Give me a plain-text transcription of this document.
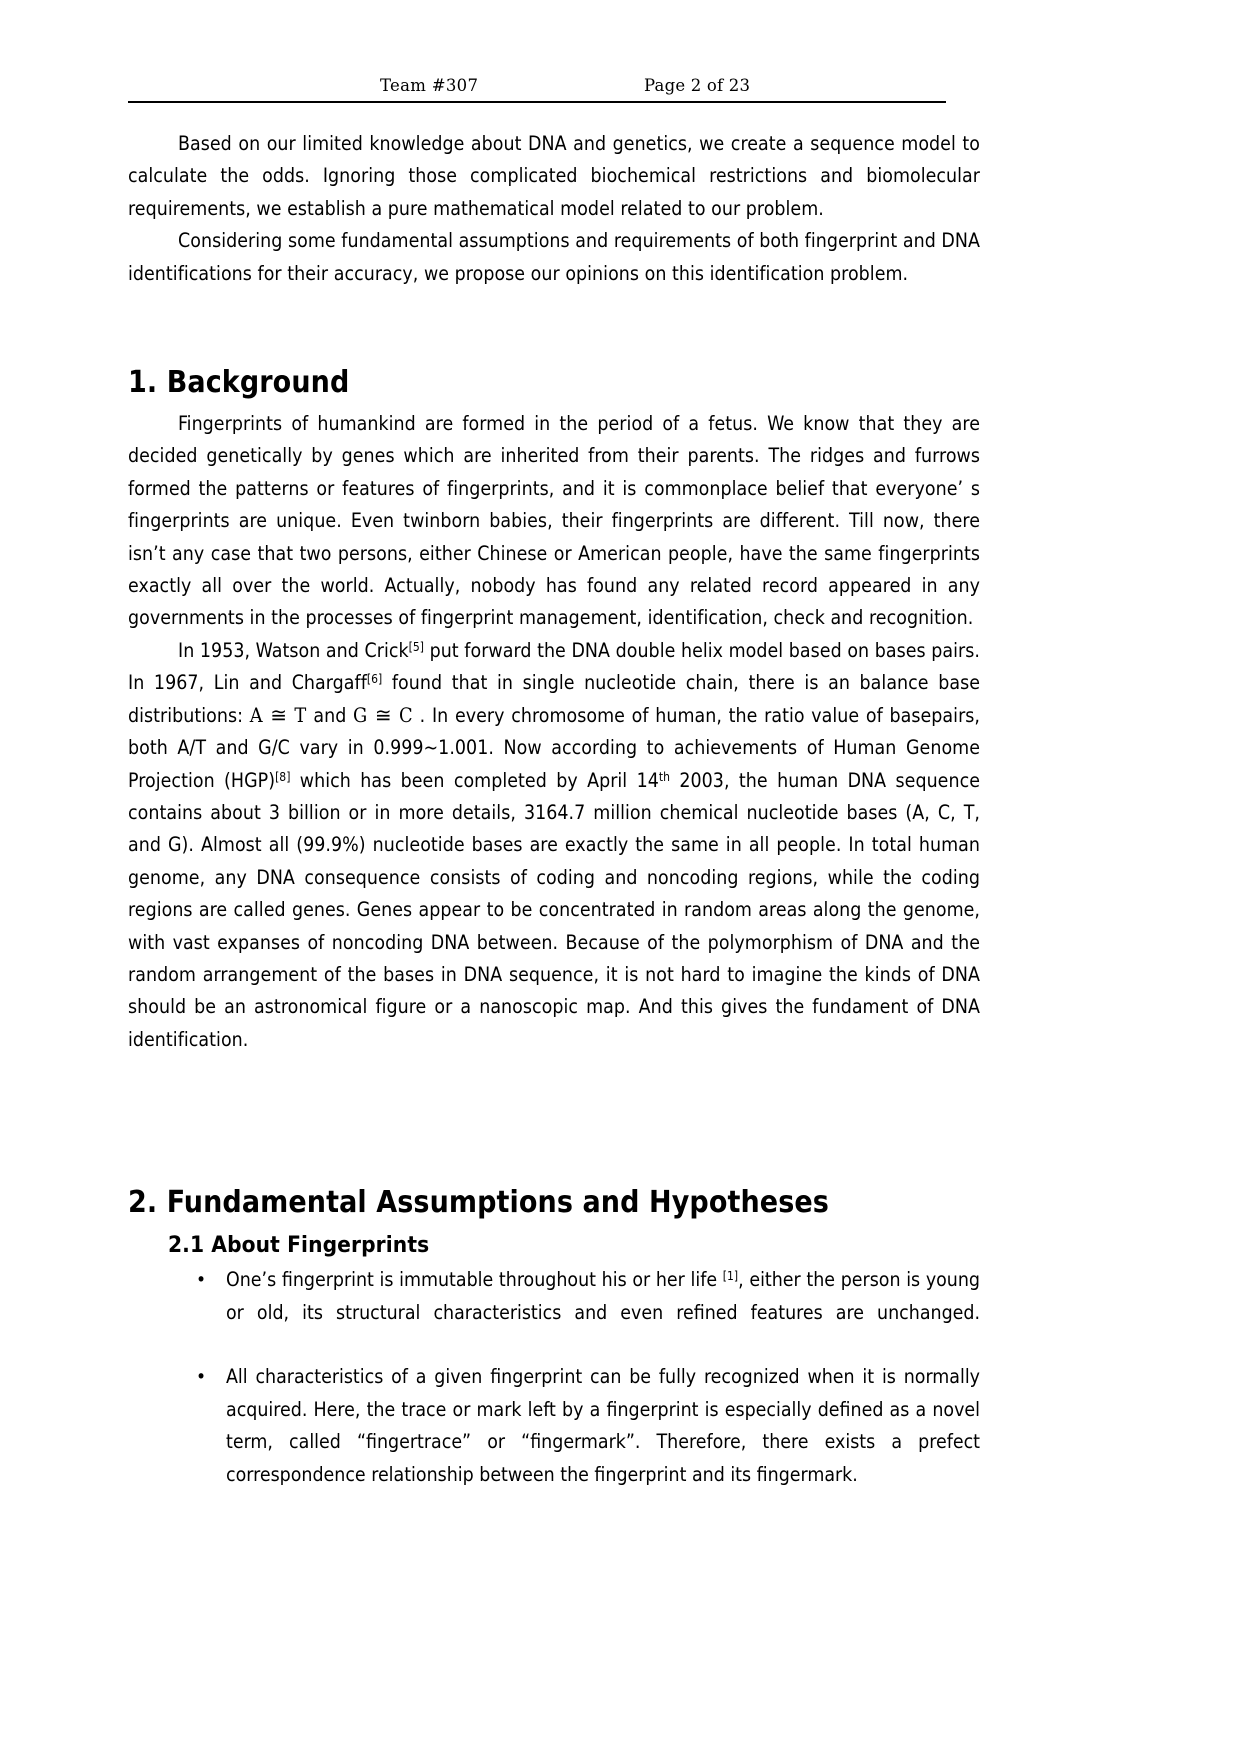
Team #307	Page 2 of 23

Based on our limited knowledge about DNA and genetics, we create a sequence model to calculate the odds. Ignoring those complicated biochemical restrictions and biomolecular requirements, we establish a pure mathematical model related to our problem.

Considering some fundamental assumptions and requirements of both fingerprint and DNA identifications for their accuracy, we propose our opinions on this identification problem.

1. Background

Fingerprints of humankind are formed in the period of a fetus. We know that they are decided genetically by genes which are inherited from their parents. The ridges and furrows formed the patterns or features of fingerprints, and it is commonplace belief that everyone’ s fingerprints are unique. Even twinborn babies, their fingerprints are different. Till now, there isn’t any case that two persons, either Chinese or American people, have the same fingerprints exactly all over the world. Actually, nobody has found any related record appeared in any governments in the processes of fingerprint management, identification, check and recognition.

In 1953, Watson and Crick[5] put forward the DNA double helix model based on bases pairs. In 1967, Lin and Chargaff[6] found that in single nucleotide chain, there is an balance base distributions: A ≅ T and G ≅ C . In every chromosome of human, the ratio value of basepairs, both A/T and G/C vary in 0.999~1.001. Now according to achievements of Human Genome Projection (HGP)[8] which has been completed by April 14th 2003, the human DNA sequence contains about 3 billion or in more details, 3164.7 million chemical nucleotide bases (A, C, T, and G). Almost all (99.9%) nucleotide bases are exactly the same in all people. In total human genome, any DNA consequence consists of coding and noncoding regions, while the coding regions are called genes. Genes appear to be concentrated in random areas along the genome, with vast expanses of noncoding DNA between. Because of the polymorphism of DNA and the random arrangement of the bases in DNA sequence, it is not hard to imagine the kinds of DNA should be an astronomical figure or a nanoscopic map. And this gives the fundament of DNA identification.

2. Fundamental Assumptions and Hypotheses
2.1 About Fingerprints
• One’s fingerprint is immutable throughout his or her life [1], either the person is young or old, its structural characteristics and even refined features are unchanged.
• All characteristics of a given fingerprint can be fully recognized when it is normally acquired. Here, the trace or mark left by a fingerprint is especially defined as a novel term, called “fingertrace” or “fingermark”. Therefore, there exists a prefect correspondence relationship between the fingerprint and its fingermark.
